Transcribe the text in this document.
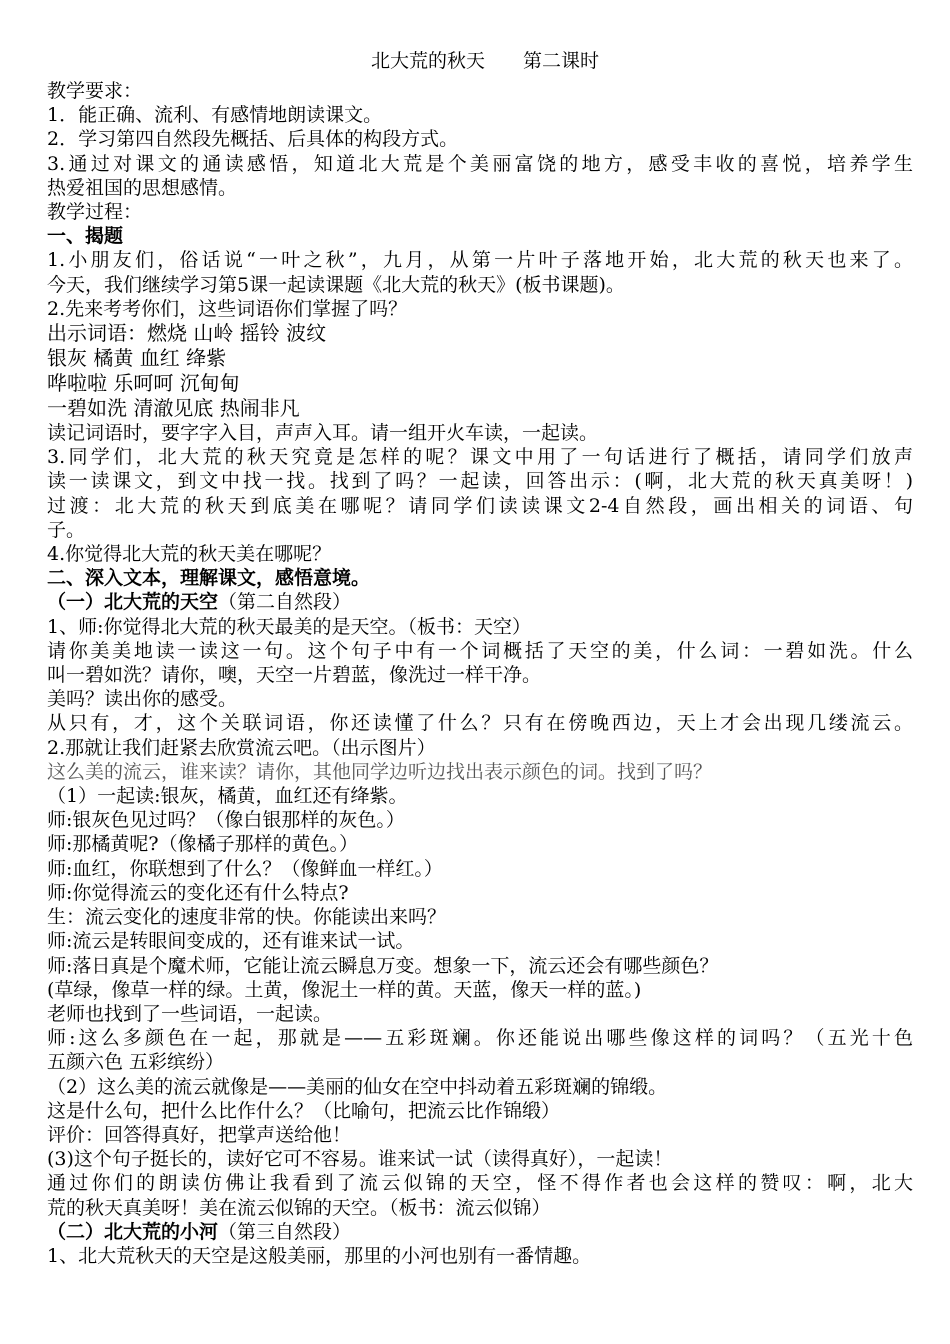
北大荒的秋天　　第二课时
教学要求：
1．能正确、流利、有感情地朗读课文。
2．学习第四自然段先概括、后具体的构段方式。
3.通过对课文的通读感悟，知道北大荒是个美丽富饶的地方，感受丰收的喜悦，培养学生
热爱祖国的思想感情。
教学过程：
一、揭题
1.小朋友们，俗话说“一叶之秋”，九月，从第一片叶子落地开始，北大荒的秋天也来了。
今天，我们继续学习第5课一起读课题《北大荒的秋天》(板书课题)。
2.先来考考你们，这些词语你们掌握了吗？
出示词语：燃烧 山岭 摇铃 波纹
银灰 橘黄 血红 绛紫
哗啦啦 乐呵呵 沉甸甸
一碧如洗 清澈见底 热闹非凡
读记词语时，要字字入目，声声入耳。请一组开火车读，一起读。
3.同学们，北大荒的秋天究竟是怎样的呢？课文中用了一句话进行了概括，请同学们放声
读一读课文，到文中找一找。找到了吗？一起读，回答出示：(啊，北大荒的秋天真美呀！)
过渡：北大荒的秋天到底美在哪呢？请同学们读读课文2-4自然段，画出相关的词语、句
子。
4.你觉得北大荒的秋天美在哪呢？
二、深入文本，理解课文，感悟意境。
（一）北大荒的天空（第二自然段）
1、师:你觉得北大荒的秋天最美的是天空。（板书：天空）
请你美美地读一读这一句。这个句子中有一个词概括了天空的美，什么词：一碧如洗。什么
叫一碧如洗？请你，噢，天空一片碧蓝，像洗过一样干净。
美吗？读出你的感受。
从只有，才，这个关联词语，你还读懂了什么？只有在傍晚西边，天上才会出现几缕流云。
2.那就让我们赶紧去欣赏流云吧。（出示图片）
这么美的流云，谁来读？请你，其他同学边听边找出表示颜色的词。找到了吗？
（1）一起读:银灰，橘黄，血红还有绛紫。
师:银灰色见过吗？（像白银那样的灰色。）
师:那橘黄呢?（像橘子那样的黄色。）
师:血红，你联想到了什么？（像鲜血一样红。）
师:你觉得流云的变化还有什么特点?
生：流云变化的速度非常的快。你能读出来吗？
师:流云是转眼间变成的，还有谁来试一试。
师:落日真是个魔术师，它能让流云瞬息万变。想象一下，流云还会有哪些颜色？
(草绿，像草一样的绿。土黄，像泥土一样的黄。天蓝，像天一样的蓝。)
老师也找到了一些词语，一起读。
师:这么多颜色在一起，那就是——五彩斑斓。你还能说出哪些像这样的词吗？（五光十色
五颜六色 五彩缤纷）
（2）这么美的流云就像是——美丽的仙女在空中抖动着五彩斑斓的锦缎。
这是什么句，把什么比作什么？（比喻句，把流云比作锦缎）
评价：回答得真好，把掌声送给他！
(3)这个句子挺长的，读好它可不容易。谁来试一试（读得真好），一起读！
通过你们的朗读仿佛让我看到了流云似锦的天空，怪不得作者也会这样的赞叹：啊，北大
荒的秋天真美呀！美在流云似锦的天空。（板书：流云似锦）
（二）北大荒的小河（第三自然段）
1、北大荒秋天的天空是这般美丽，那里的小河也别有一番情趣。
